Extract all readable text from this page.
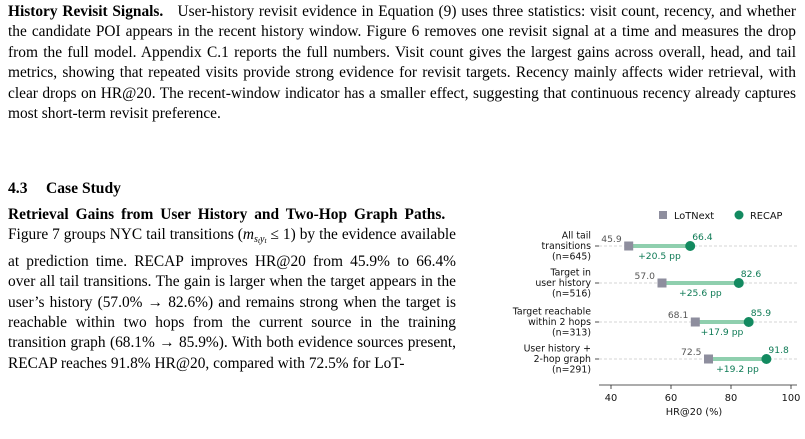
History Revisit Signals. User-history revisit evidence in Equation (9) uses three statistics: visit count, recency, and whether the candidate POI appears in the recent history window. Figure 6 removes one revisit signal at a time and measures the drop from the full model. Appendix C.1 reports the full numbers. Visit count gives the largest gains across overall, head, and tail metrics, showing that repeated visits provide strong evidence for revisit targets. Recency mainly affects wider retrieval, with clear drops on HR@20. The recent-window indicator has a smaller effect, suggesting that continuous recency already captures most short-term revisit preference.
4.3 Case Study
Retrieval Gains from User History and Two-Hop Graph Paths.   Figure 7 groups NYC tail transitions $(m_{styt} \le 1)$ by the evidence available at prediction time. RECAP improves HR@20 from 45.9% to 66.4% over all tail transitions. The gain is larger when the target appears in the user’s history (57.0% → 82.6%) and remains strong when the target is reachable within two hops from the current source in the training transition graph (68.1% → 85.9%). With both evidence sources present, RECAP reaches 91.8% HR@20, compared with 72.5% for LoT-
LoTNext	RECAP
40	60	80	100
HR@20 (%)
All tail
transitions
(n=645)
45.9	66.4
+20.5 pp
Target in
user history
(n=516)
57.0	82.6
+25.6 pp
Target reachable
within 2 hops
(n=313)
68.1	85.9
+17.9 pp
User history +
2-hop graph
(n=291)
72.5	91.8
+19.2 pp
